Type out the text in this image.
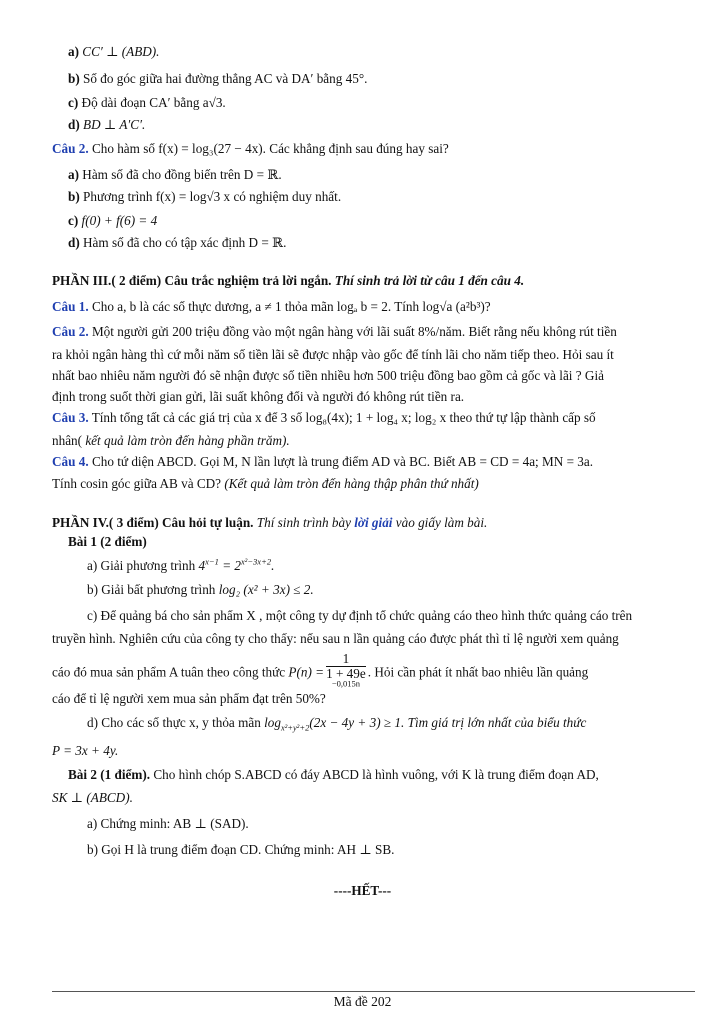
a) CC′ ⊥ (ABD).
b) Số đo góc giữa hai đường thẳng AC và DA′ bằng 45°.
c) Độ dài đoạn CA′ bằng a√3.
d) BD ⊥ A′C′.
Câu 2. Cho hàm số f(x) = log₃(27 − 4x). Các khẳng định sau đúng hay sai?
a) Hàm số đã cho đồng biến trên D = ℝ.
b) Phương trình f(x) = log√3 x có nghiệm duy nhất.
c) f(0) + f(6) = 4
d) Hàm số đã cho có tập xác định D = ℝ.
PHẦN III.( 2 điểm) Câu trắc nghiệm trả lời ngắn. Thí sinh trả lời từ câu 1 đến câu 4.
Câu 1. Cho a, b là các số thực dương, a ≠ 1 thỏa mãn logₐ b = 2. Tính log√a (a²b³)?
Câu 2. Một người gửi 200 triệu đồng vào một ngân hàng với lãi suất 8%/năm. Biết rằng nếu không rút tiền
ra khỏi ngân hàng thì cứ mỗi năm số tiền lãi sẽ được nhập vào gốc để tính lãi cho năm tiếp theo. Hỏi sau ít
nhất bao nhiêu năm người đó sẽ nhận được số tiền nhiều hơn 500 triệu đồng bao gồm cả gốc và lãi ? Giả
định trong suốt thời gian gửi, lãi suất không đổi và người đó không rút tiền ra.
Câu 3. Tính tổng tất cả các giá trị của x để 3 số log₈(4x); 1 + log₄ x; log₂ x theo thứ tự lập thành cấp số
nhân( kết quả làm tròn đến hàng phần trăm).
Câu 4. Cho tứ diện ABCD. Gọi M, N lần lượt là trung điểm AD và BC. Biết AB = CD = 4a; MN = 3a.
Tính cosin góc giữa AB và CD? (Kết quả làm tròn đến hàng thập phân thứ nhất)
PHẦN IV.( 3 điểm) Câu hỏi tự luận. Thí sinh trình bày lời giải vào giấy làm bài.
Bài 1 (2 điểm)
a) Giải phương trình $4^{x-1} = 2^{x^2-3x+2}$.
b) Giải bất phương trình log₂ (x² + 3x) ≤ 2.
c) Để quảng bá cho sản phẩm X , một công ty dự định tổ chức quảng cáo theo hình thức quảng cáo trên
truyền hình. Nghiên cứu của công ty cho thấy: nếu sau n lần quảng cáo được phát thì tỉ lệ người xem quảng
cáo đó mua sản phẩm A tuân theo công thức P(n) = 1
1 + 49e
$^{-0,015n}$ . Hỏi cần phát ít nhất bao nhiêu lần quảng
cáo để tỉ lệ người xem mua sản phẩm đạt trên 50%?
d) Cho các số thực x, y thỏa mãn $\log_{x^2+y^2+2}(2x - 4y + 3) \ge 1$. Tìm giá trị lớn nhất của biểu thức
P = 3x + 4y.
Bài 2 (1 điểm). Cho hình chóp S.ABCD có đáy ABCD là hình vuông, với K là trung điểm đoạn AD,
SK ⊥ (ABCD).
a) Chứng minh: AB ⊥ (SAD).
b) Gọi H là trung điểm đoạn CD. Chứng minh: AH ⊥ SB.
----HẾT---
Mã đề 202
